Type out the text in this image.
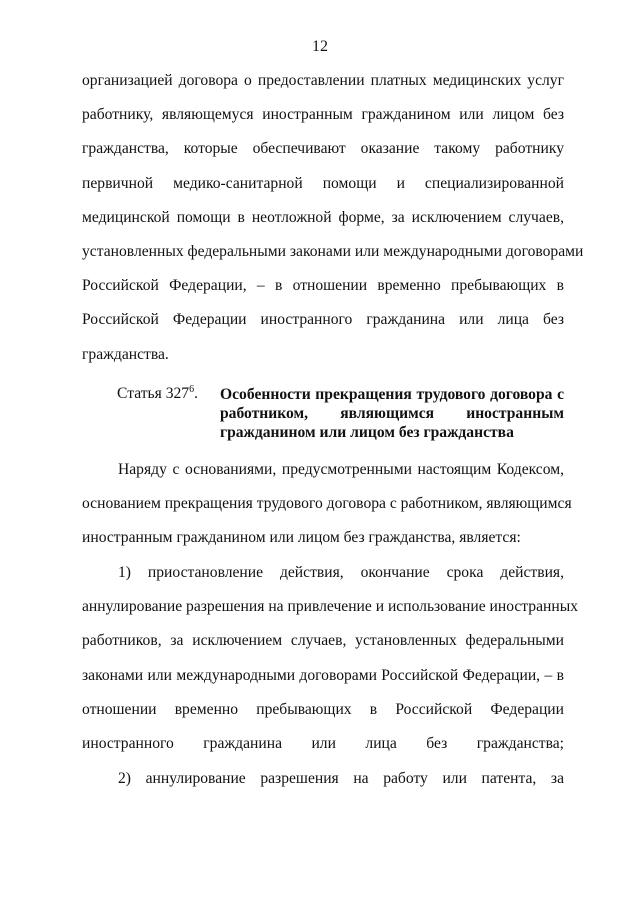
12
организацией договора о предоставлении платных медицинских услуг
работнику, являющемуся иностранным гражданином или лицом без
гражданства, которые обеспечивают оказание такому работнику
первичной медико-санитарной помощи и специализированной
медицинской помощи в неотложной форме, за исключением случаев,
установленных федеральными законами или международными договорами
Российской Федерации, – в отношении временно пребывающих в
Российской Федерации иностранного гражданина или лица без
гражданства.
Статья $327^6$. Особенности прекращения трудового договора с
работником, являющимся иностранным
гражданином или лицом без гражданства
Наряду с основаниями, предусмотренными настоящим Кодексом,
основанием прекращения трудового договора с работником, являющимся
иностранным гражданином или лицом без гражданства, является:
1) приостановление действия, окончание срока действия,
аннулирование разрешения на привлечение и использование иностранных
работников, за исключением случаев, установленных федеральными
законами или международными договорами Российской Федерации, – в
отношении временно пребывающих в Российской Федерации
иностранного гражданина или лица без гражданства;
2) аннулирование разрешения на работу или патента, за
